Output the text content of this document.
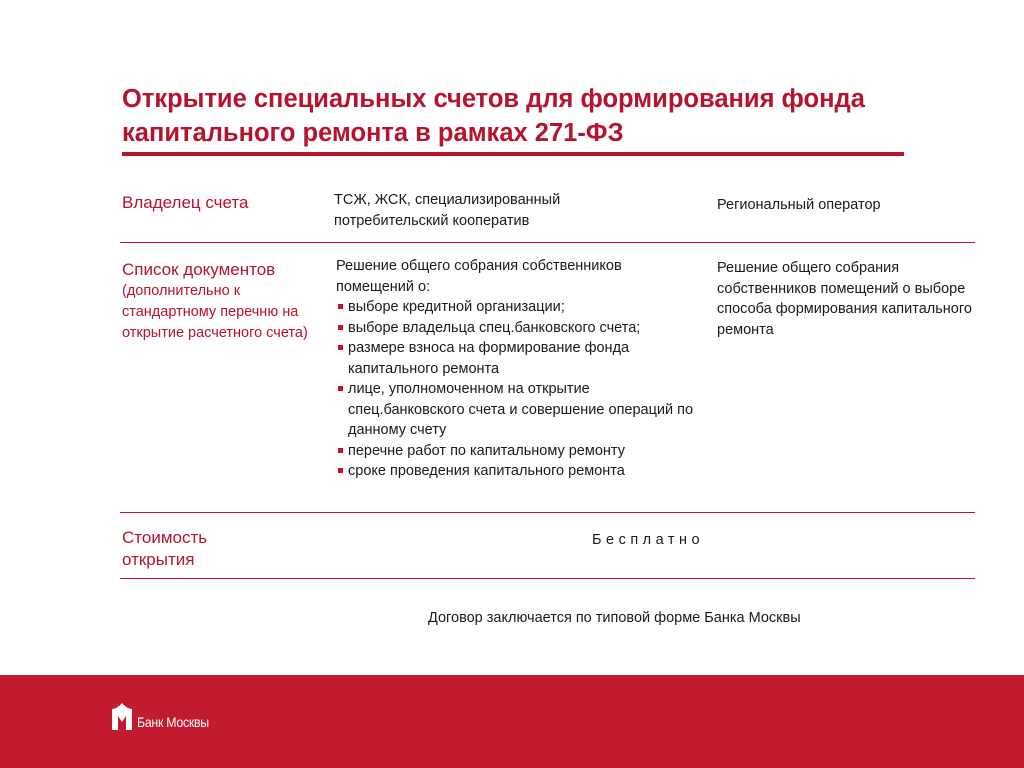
Открытие специальных счетов для формирования фонда капитального ремонта в рамках 271-ФЗ
Владелец счета	ТСЖ, ЖСК, специализированный потребительский кооператив
Региональный оператор
Список документов
(дополнительно к стандартному перечню на открытие расчетного счета)
Решение общего собрания собственников помещений о:
выборе кредитной организации;
выборе владельца спец.банковского счета;
размере взноса на формирование фонда капитального ремонта
лице, уполномоченном на открытие спец.банковского счета и совершение операций по данному счету
перечне работ по капитальному ремонту
сроке проведения капитального ремонта
Решение общего собрания собственников помещений о выборе способа формирования капитального ремонта
Стоимость открытия
Бесплатно
Договор заключается по типовой форме Банка Москвы
Банк Москвы
